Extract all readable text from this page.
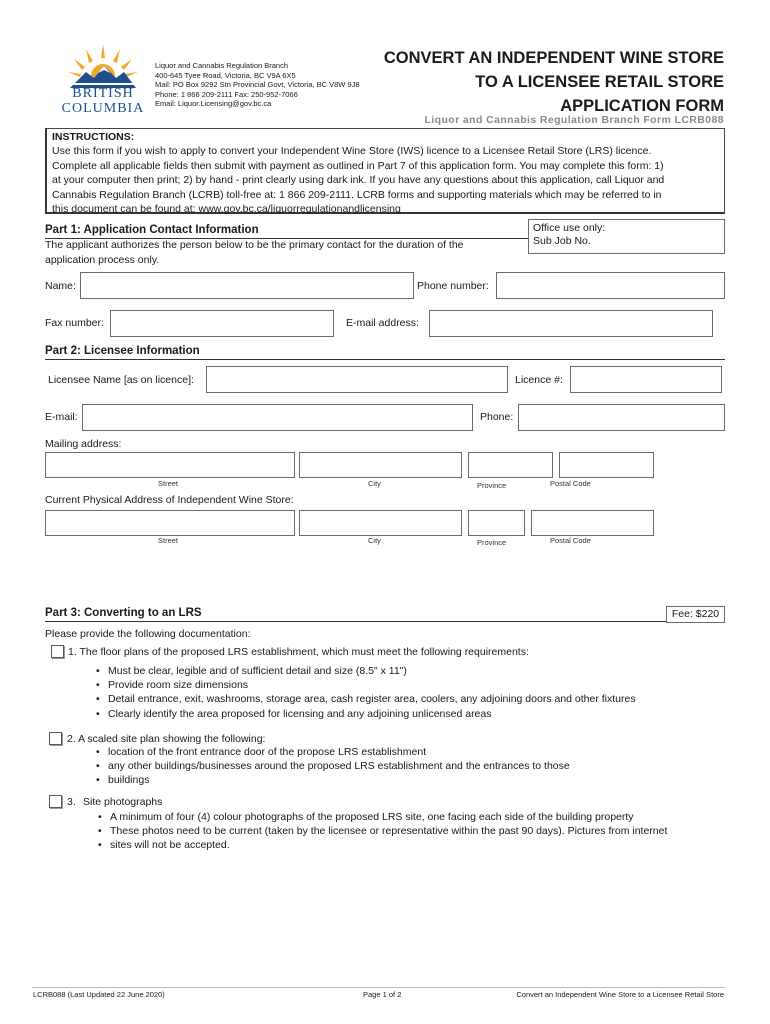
BRITISH
COLUMBIA
Liquor and Cannabis Regulation Branch
400-645 Tyee Road, Victoria, BC V9A 6X5
Mail: PO Box 9292 Stn Provincial Govt, Victoria, BC V8W 9J8
Phone: 1 866 209-2111 Fax: 250-952-7066
Email: Liquor.Licensing@gov.bc.ca
CONVERT AN INDEPENDENT WINE STORE
TO A LICENSEE RETAIL STORE
APPLICATION FORM
Liquor and Cannabis Regulation Branch Form LCRB088
INSTRUCTIONS:
Use this form if you wish to apply to convert your Independent Wine Store (IWS) licence to a Licensee Retail Store (LRS) licence.
Complete all applicable fields then submit with payment as outlined in Part 7 of this application form. You may complete this form: 1)
at your computer then print; 2) by hand - print clearly using dark ink. If you have any questions about this application, call Liquor and
Cannabis Regulation Branch (LCRB) toll-free at: 1 866 209-2111. LCRB forms and supporting materials which may be referred to in
this document can be found at: www.gov.bc.ca/liquorregulationandlicensing
Part 1: Application Contact Information
The applicant authorizes the person below to be the primary contact for the duration of the
application process only.
Office use only:
Sub Job No.
Name:	Phone number:
Fax number:	E-mail address:
Part 2: Licensee Information
Licensee Name [as on licence]:	Licence #:
E-mail:	Phone:
Mailing address:
Street	City	Province	Postal Code
Current Physical Address of Independent Wine Store:
Street	City	Province	Postal Code
Part 3: Converting to an LRS	Fee: $220
Please provide the following documentation:
1. The floor plans of the proposed LRS establishment, which must meet the following requirements:
• Must be clear, legible and of sufficient detail and size (8.5" x 11")
• Provide room size dimensions
• Detail entrance, exit, washrooms, storage area, cash register area, coolers, any adjoining doors and other fixtures
• Clearly identify the area proposed for licensing and any adjoining unlicensed areas
2. A scaled site plan showing the following:
• location of the front entrance door of the propose LRS establishment
• any other buildings/businesses around the proposed LRS establishment and the entrances to those
• buildings
3. Site photographs
• A minimum of four (4) colour photographs of the proposed LRS site, one facing each side of the building property
• These photos need to be current (taken by the licensee or representative within the past 90 days). Pictures from internet
• sites will not be accepted.
LCRB088 (Last Updated 22 June 2020)	Page 1 of 2	Convert an Independent Wine Store to a Licensee Retail Store
